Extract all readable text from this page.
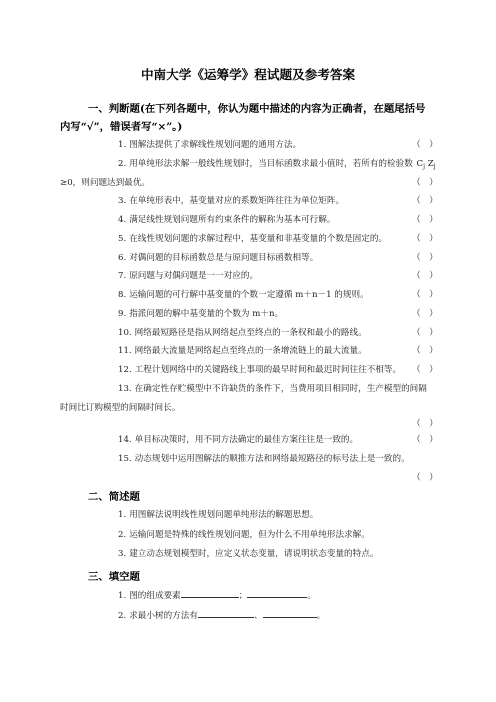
中南大学《运筹学》程试题及参考答案
一、判断题(在下列各题中，你认为题中描述的内容为正确者，在题尾括号
内写“√”，错误者写“×”。)
1. 图解法提供了求解线性规划问题的通用方法。	（　）
2. 用单纯形法求解一般线性规划时，当目标函数求最小值时，若所有的检验数 $C_j$ $Z_j$
≥0，则问题达到最优。	（　）
3. 在单纯形表中，基变量对应的系数矩阵往往为单位矩阵。	（　）
4. 满足线性规划问题所有约束条件的解称为基本可行解。	（　）
5. 在线性规划问题的求解过程中，基变量和非基变量的个数是固定的。	（　）
6. 对偶问题的目标函数总是与原问题目标函数相等。	（　）
7. 原问题与对偶问题是一一对应的。	（　）
8. 运输问题的可行解中基变量的个数一定遵循 m＋n－1 的规则。	（　）
9. 指派问题的解中基变量的个数为 m＋n。	（　）
10. 网络最短路径是指从网络起点至终点的一条权和最小的路线。	（　）
11. 网络最大流量是网络起点至终点的一条增流链上的最大流量。	（　）
12. 工程计划网络中的关键路线上事项的最早时间和最迟时间往往不相等。 （　）
13. 在确定性存贮模型中不许缺货的条件下，当费用项目相同时，生产模型的间隔
时间比订购模型的间隔时间长。
（　）
14. 单目标决策时，用不同方法确定的最佳方案往往是一致的。	（　）
15. 动态规划中运用图解法的顺推方法和网络最短路径的标号法上是一致的。
（　）
二、简述题
1. 用图解法说明线性规划问题单纯形法的解题思想。
2. 运输问题是特殊的线性规划问题，但为什么不用单纯形法求解。
3. 建立动态规划模型时，应定义状态变量，请说明状态变量的特点。
三、填空题
1. 图的组成要素	；	。
2. 求最小树的方法有	、	。
